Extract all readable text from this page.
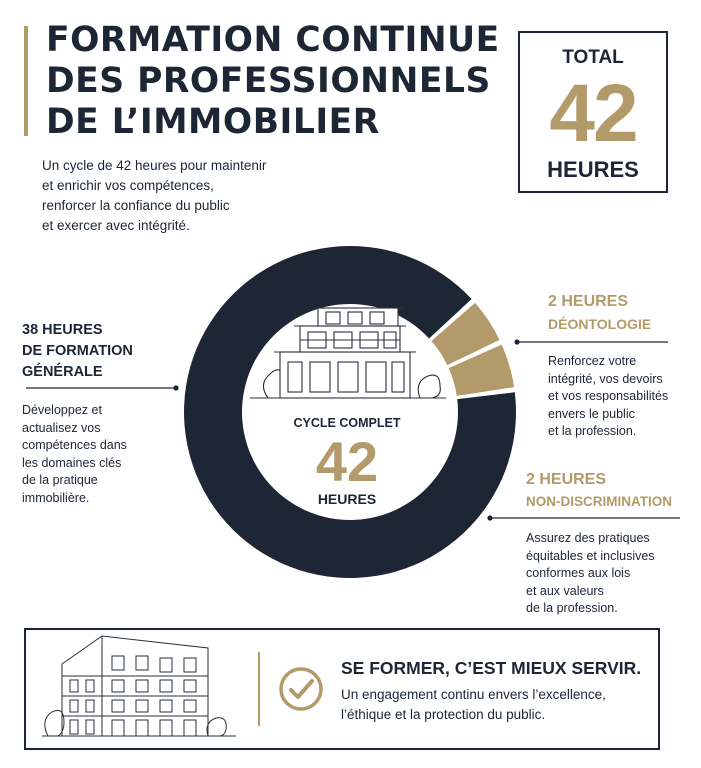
FORMATION CONTINUE
DES PROFESSIONNELS
DE L’IMMOBILIER
Un cycle de 42 heures pour maintenir
et enrichir vos compétences,
renforcer la confiance du public
et exercer avec intégrité.
TOTAL
42
HEURES
CYCLE COMPLET
42
HEURES
38 HEURES
DE FORMATION
GÉNÉRALE
Développez et
actualisez vos
compétences dans
les domaines clés
de la pratique
immobilière.
2 HEURES
DÉONTOLOGIE
Renforcez votre
intégrité, vos devoirs
et vos responsabilités
envers le public
et la profession.
2 HEURES
NON-DISCRIMINATION
Assurez des pratiques
équitables et inclusives
conformes aux lois
et aux valeurs
de la profession.
SE FORMER, C’EST MIEUX SERVIR.
Un engagement continu envers l’excellence,
l’éthique et la protection du public.
